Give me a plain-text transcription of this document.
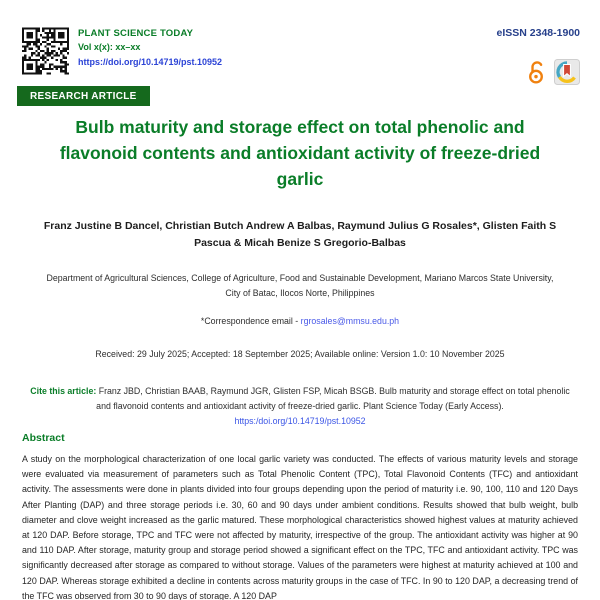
PLANT SCIENCE TODAY
Vol x(x): xx–xx
https://doi.org/10.14719/pst.10952
eISSN 2348-1900
RESEARCH ARTICLE
Bulb maturity and storage effect on total phenolic and flavonoid contents and antioxidant activity of freeze-dried garlic
Franz Justine B Dancel, Christian Butch Andrew A Balbas, Raymund Julius G Rosales*, Glisten Faith S Pascua & Micah Benize S Gregorio-Balbas
Department of Agricultural Sciences, College of Agriculture, Food and Sustainable Development, Mariano Marcos State University,
City of Batac, Ilocos Norte, Philippines
*Correspondence email - rgrosales@mmsu.edu.ph
Received: 29 July 2025; Accepted: 18 September 2025; Available online: Version 1.0: 10 November 2025
Cite this article: Franz JBD, Christian BAAB, Raymund JGR, Glisten FSP, Micah BSGB. Bulb maturity and storage effect on total phenolic and flavonoid contents and antioxidant activity of freeze-dried garlic. Plant Science Today (Early Access). https:/doi.org/10.14719/pst.10952
Abstract
A study on the morphological characterization of one local garlic variety was conducted. The effects of various maturity levels and storage were evaluated via measurement of parameters such as Total Phenolic Content (TPC), Total Flavonoid Contents (TFC) and antioxidant activity. The assessments were done in plants divided into four groups depending upon the period of maturity i.e. 90, 100, 110 and 120 Days After Planting (DAP) and three storage periods i.e. 30, 60 and 90 days under ambient conditions. Results showed that bulb weight, bulb diameter and clove weight increased as the garlic matured. These morphological characteristics showed highest values at maturity achieved at 120 DAP. Before storage, TPC and TFC were not affected by maturity, irrespective of the group. The antioxidant activity was higher at 90 and 110 DAP. After storage, maturity group and storage period showed a significant effect on the TPC, TFC and antioxidant activity. TPC was significantly decreased after storage as compared to without storage. Values of the parameters were highest at maturity achieved at 100 and 120 DAP. Whereas storage exhibited a decline in contents across maturity groups in the case of TFC. In 90 to 120 DAP, a decreasing trend of the TFC was observed from 30 to 90 days of storage. A 120 DAP
